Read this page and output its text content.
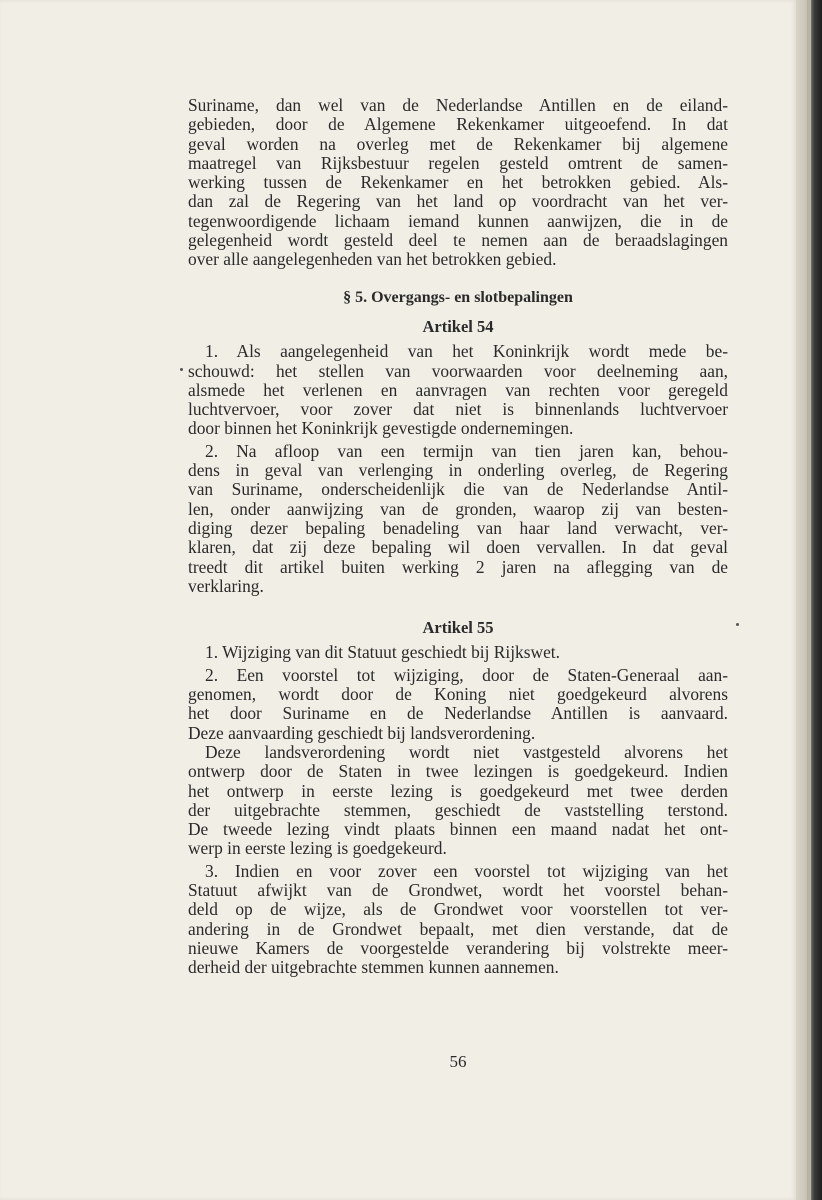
Suriname, dan wel van de Nederlandse Antillen en de eiland-
gebieden, door de Algemene Rekenkamer uitgeoefend. In dat
geval worden na overleg met de Rekenkamer bij algemene
maatregel van Rijksbestuur regelen gesteld omtrent de samen-
werking tussen de Rekenkamer en het betrokken gebied. Als-
dan zal de Regering van het land op voordracht van het ver-
tegenwoordigende lichaam iemand kunnen aanwijzen, die in de
gelegenheid wordt gesteld deel te nemen aan de beraadslagingen
over alle aangelegenheden van het betrokken gebied.
§ 5. Overgangs- en slotbepalingen
Artikel 54
1. Als aangelegenheid van het Koninkrijk wordt mede be-
schouwd: het stellen van voorwaarden voor deelneming aan,
alsmede het verlenen en aanvragen van rechten voor geregeld
luchtvervoer, voor zover dat niet is binnenlands luchtvervoer
door binnen het Koninkrijk gevestigde ondernemingen.
2. Na afloop van een termijn van tien jaren kan, behou-
dens in geval van verlenging in onderling overleg, de Regering
van Suriname, onderscheidenlijk die van de Nederlandse Antil-
len, onder aanwijzing van de gronden, waarop zij van besten-
diging dezer bepaling benadeling van haar land verwacht, ver-
klaren, dat zij deze bepaling wil doen vervallen. In dat geval
treedt dit artikel buiten werking 2 jaren na aflegging van de
verklaring.
Artikel 55
1. Wijziging van dit Statuut geschiedt bij Rijkswet.
2. Een voorstel tot wijziging, door de Staten-Generaal aan-
genomen, wordt door de Koning niet goedgekeurd alvorens
het door Suriname en de Nederlandse Antillen is aanvaard.
Deze aanvaarding geschiedt bij landsverordening.
Deze landsverordening wordt niet vastgesteld alvorens het
ontwerp door de Staten in twee lezingen is goedgekeurd. Indien
het ontwerp in eerste lezing is goedgekeurd met twee derden
der uitgebrachte stemmen, geschiedt de vaststelling terstond.
De tweede lezing vindt plaats binnen een maand nadat het ont-
werp in eerste lezing is goedgekeurd.
3. Indien en voor zover een voorstel tot wijziging van het
Statuut afwijkt van de Grondwet, wordt het voorstel behan-
deld op de wijze, als de Grondwet voor voorstellen tot ver-
andering in de Grondwet bepaalt, met dien verstande, dat de
nieuwe Kamers de voorgestelde verandering bij volstrekte meer-
derheid der uitgebrachte stemmen kunnen aannemen.
56
